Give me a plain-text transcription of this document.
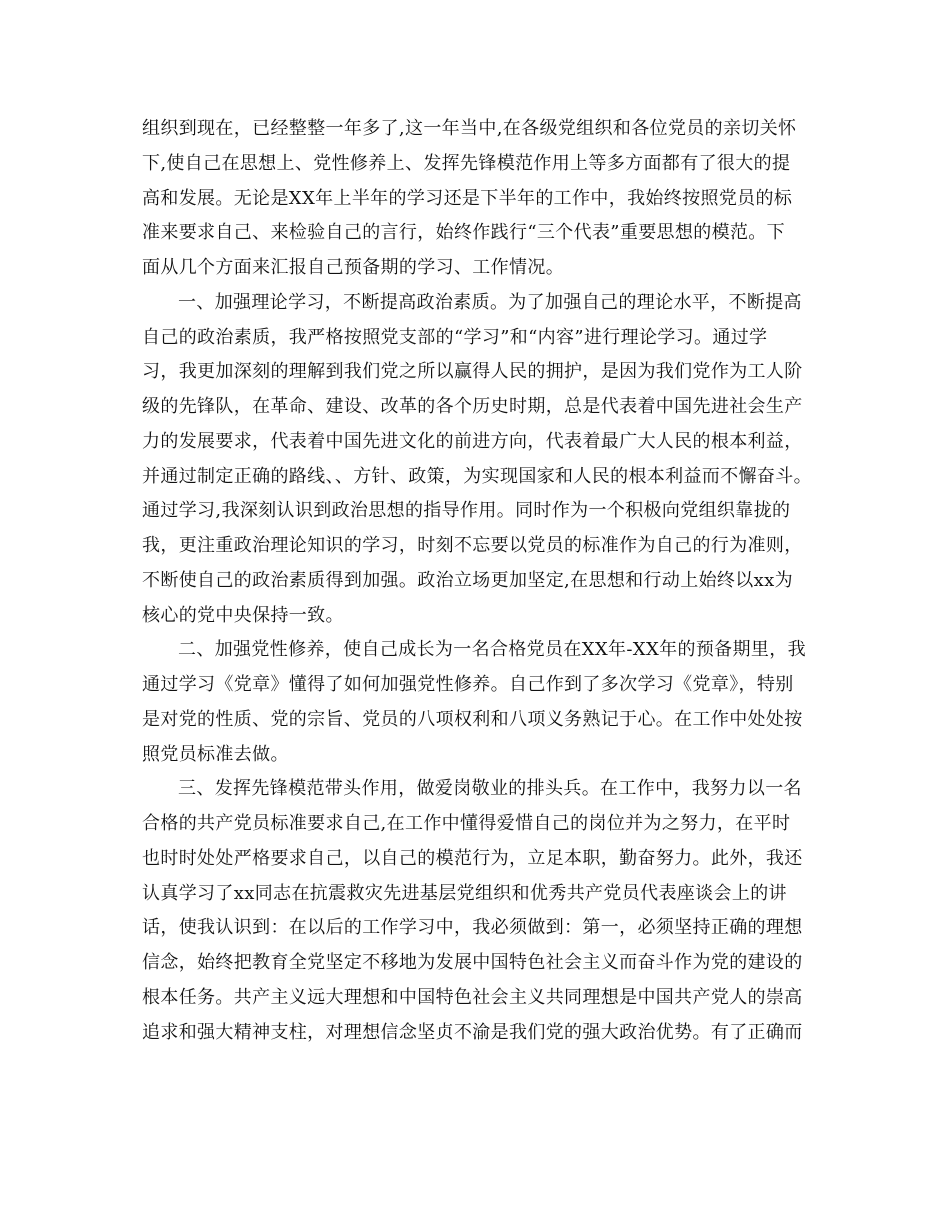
组织到现在，已经整整一年多了,这一年当中,在各级党组织和各位党员的亲切关怀
下,使自己在思想上、党性修养上、发挥先锋模范作用上等多方面都有了很大的提
高和发展。无论是XX年上半年的学习还是下半年的工作中，我始终按照党员的标
准来要求自己、来检验自己的言行，始终作践行“三个代表”重要思想的模范。下
面从几个方面来汇报自己预备期的学习、工作情况。
一、加强理论学习，不断提高政治素质。为了加强自己的理论水平，不断提高
自己的政治素质，我严格按照党支部的“学习”和“内容”进行理论学习。通过学
习，我更加深刻的理解到我们党之所以赢得人民的拥护，是因为我们党作为工人阶
级的先锋队，在革命、建设、改革的各个历史时期，总是代表着中国先进社会生产
力的发展要求，代表着中国先进文化的前进方向，代表着最广大人民的根本利益，
并通过制定正确的路线、、方针、政策，为实现国家和人民的根本利益而不懈奋斗。
通过学习,我深刻认识到政治思想的指导作用。同时作为一个积极向党组织靠拢的
我，更注重政治理论知识的学习，时刻不忘要以党员的标准作为自己的行为准则，
不断使自己的政治素质得到加强。政治立场更加坚定,在思想和行动上始终以xx为
核心的党中央保持一致。
二、加强党性修养，使自己成长为一名合格党员在XX年-XX年的预备期里，我
通过学习《党章》懂得了如何加强党性修养。自己作到了多次学习《党章》，特别
是对党的性质、党的宗旨、党员的八项权利和八项义务熟记于心。在工作中处处按
照党员标准去做。
三、发挥先锋模范带头作用，做爱岗敬业的排头兵。在工作中，我努力以一名
合格的共产党员标准要求自己,在工作中懂得爱惜自己的岗位并为之努力，在平时
也时时处处严格要求自己，以自己的模范行为，立足本职，勤奋努力。此外，我还
认真学习了xx同志在抗震救灾先进基层党组织和优秀共产党员代表座谈会上的讲
话，使我认识到：在以后的工作学习中，我必须做到：第一，必须坚持正确的理想
信念，始终把教育全党坚定不移地为发展中国特色社会主义而奋斗作为党的建设的
根本任务。共产主义远大理想和中国特色社会主义共同理想是中国共产党人的崇高
追求和强大精神支柱，对理想信念坚贞不渝是我们党的强大政治优势。有了正确而
